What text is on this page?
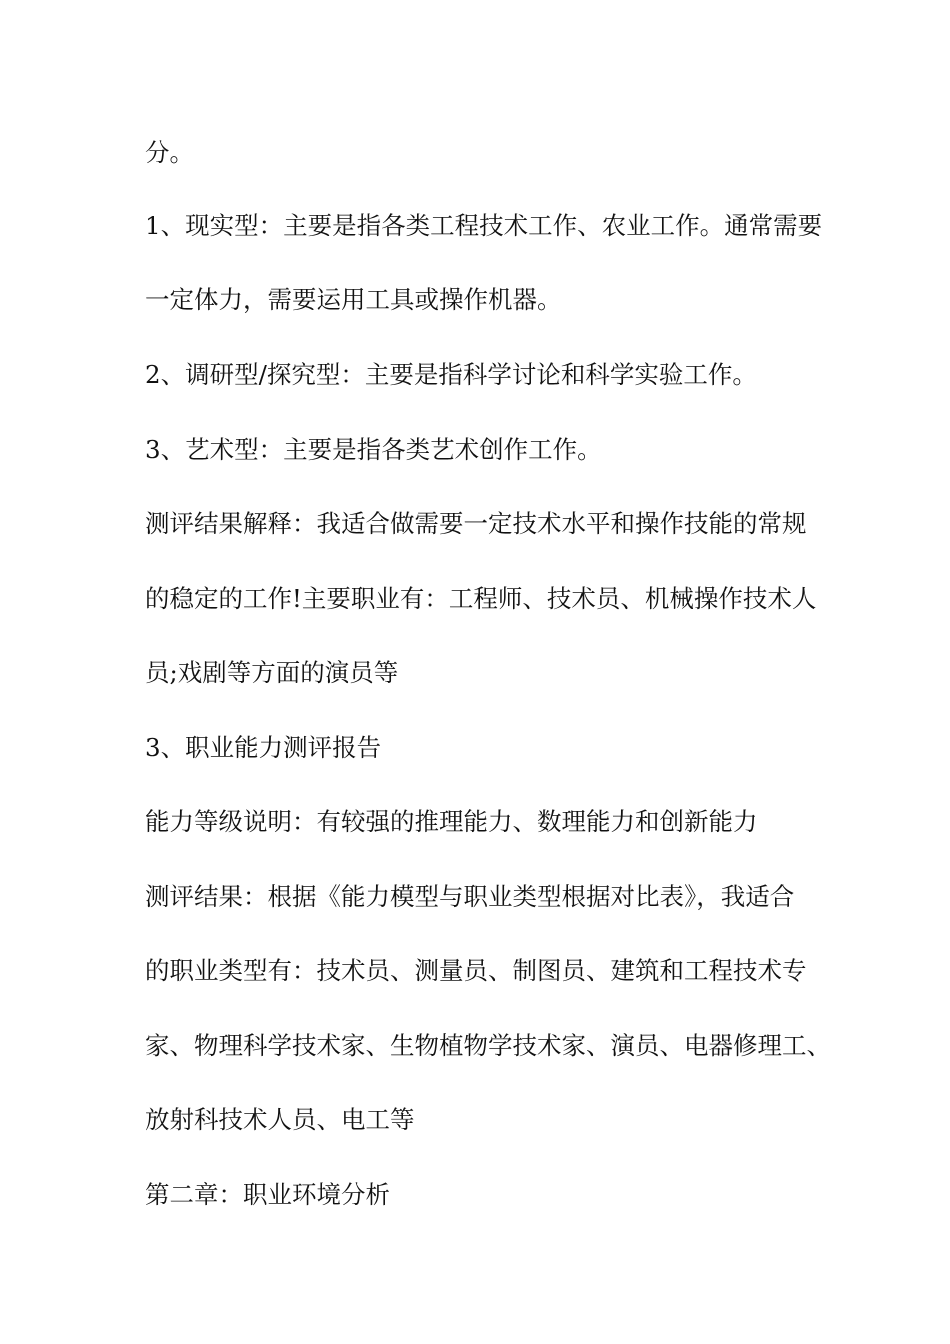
分。
1、现实型：主要是指各类工程技术工作、农业工作。通常需要
一定体力，需要运用工具或操作机器。
2、调研型/探究型：主要是指科学讨论和科学实验工作。
3、艺术型：主要是指各类艺术创作工作。
测评结果解释：我适合做需要一定技术水平和操作技能的常规
的稳定的工作!主要职业有：工程师、技术员、机械操作技术人
员;戏剧等方面的演员等
3、职业能力测评报告
能力等级说明：有较强的推理能力、数理能力和创新能力
测评结果：根据《能力模型与职业类型根据对比表》，我适合
的职业类型有：技术员、测量员、制图员、建筑和工程技术专
家、物理科学技术家、生物植物学技术家、演员、电器修理工、
放射科技术人员、电工等
第二章：职业环境分析
